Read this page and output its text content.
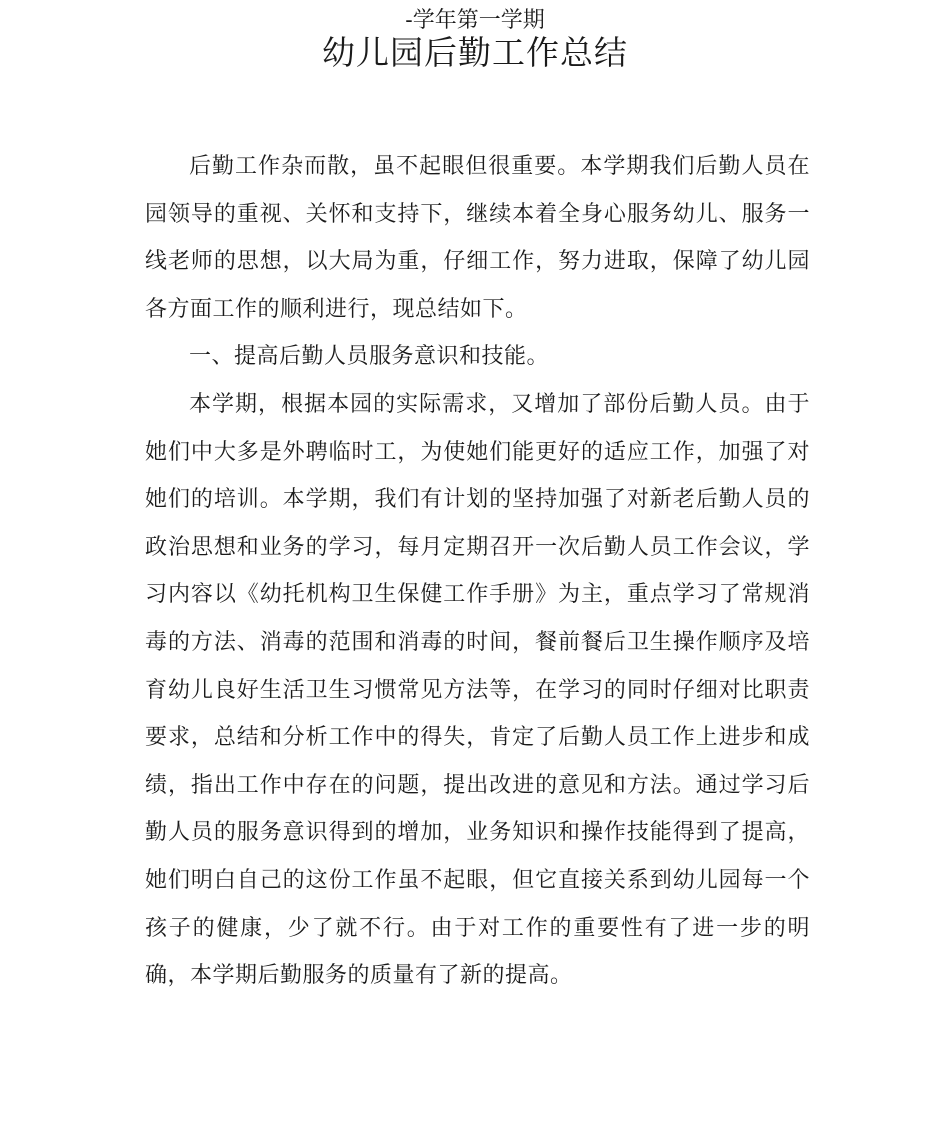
-学年第一学期
幼儿园后勤工作总结

后勤工作杂而散，虽不起眼但很重要。本学期我们后勤人员在园领导的重视、关怀和支持下，继续本着全身心服务幼儿、服务一线老师的思想，以大局为重，仔细工作，努力进取，保障了幼儿园各方面工作的顺利进行，现总结如下。

一、提高后勤人员服务意识和技能。

本学期，根据本园的实际需求，又增加了部份后勤人员。由于她们中大多是外聘临时工，为使她们能更好的适应工作，加强了对她们的培训。本学期，我们有计划的坚持加强了对新老后勤人员的政治思想和业务的学习，每月定期召开一次后勤人员工作会议，学习内容以《幼托机构卫生保健工作手册》为主，重点学习了常规消毒的方法、消毒的范围和消毒的时间，餐前餐后卫生操作顺序及培育幼儿良好生活卫生习惯常见方法等，在学习的同时仔细对比职责要求，总结和分析工作中的得失，肯定了后勤人员工作上进步和成绩，指出工作中存在的问题，提出改进的意见和方法。通过学习后勤人员的服务意识得到的增加，业务知识和操作技能得到了提高，她们明白自己的这份工作虽不起眼，但它直接关系到幼儿园每一个孩子的健康，少了就不行。由于对工作的重要性有了进一步的明确，本学期后勤服务的质量有了新的提高。
